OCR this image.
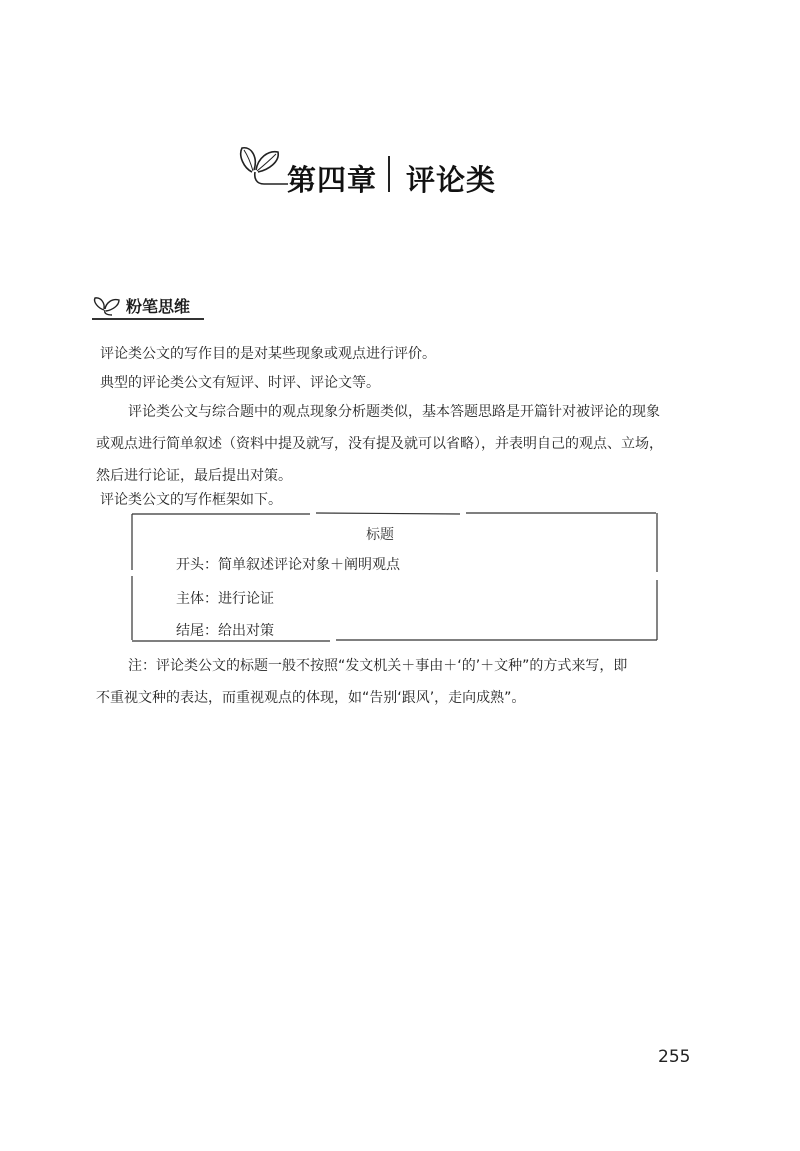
第四章 评论类
粉笔思维
评论类公文的写作目的是对某些现象或观点进行评价。
典型的评论类公文有短评、时评、评论文等。
评论类公文与综合题中的观点现象分析题类似，基本答题思路是开篇针对被评论的现象
或观点进行简单叙述（资料中提及就写，没有提及就可以省略），并表明自己的观点、立场，
然后进行论证，最后提出对策。
评论类公文的写作框架如下。
标题
开头：简单叙述评论对象＋阐明观点
主体：进行论证
结尾：给出对策
注：评论类公文的标题一般不按照“发文机关＋事由＋‘的’＋文种”的方式来写，即
不重视文种的表达，而重视观点的体现，如“告别‘跟风’，走向成熟”。
255
